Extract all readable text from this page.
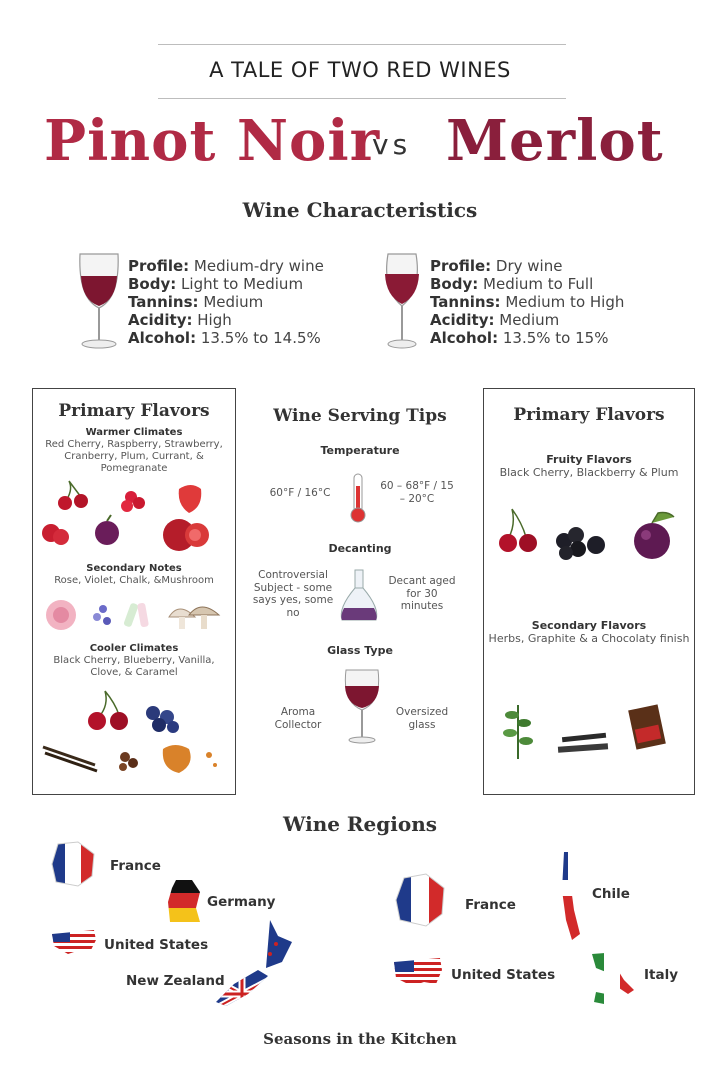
A TALE OF TWO RED WINES
Pinot Noir
vs Merlot
Wine Characteristics
Profile: Medium-dry wine
Body: Light to Medium
Tannins: Medium
Acidity: High
Alcohol: 13.5% to 14.5%
Profile: Dry wine
Body: Medium to Full
Tannins: Medium to High
Acidity: Medium
Alcohol: 13.5% to 15%
Primary Flavors
Warmer Climates
Red Cherry, Raspberry, Strawberry, Cranberry, Plum, Currant, & Pomegranate
Secondary Notes
Rose, Violet, Chalk, &Mushroom
Cooler Climates
Black Cherry, Blueberry, Vanilla, Clove, & Caramel
Wine Serving Tips
Temperature
60°F / 16°C
60 – 68°F / 15 – 20°C
Decanting
Controversial Subject - some says yes, some no
Decant aged for 30 minutes
Glass Type
Aroma Collector
Oversized glass
Primary Flavors
Fruity Flavors
Black Cherry, Blackberry & Plum
Secondary Flavors
Herbs, Graphite & a Chocolaty finish
Wine Regions
France
Germany
United States
New Zealand
France
Chile
United States	Italy
Seasons in the Kitchen
